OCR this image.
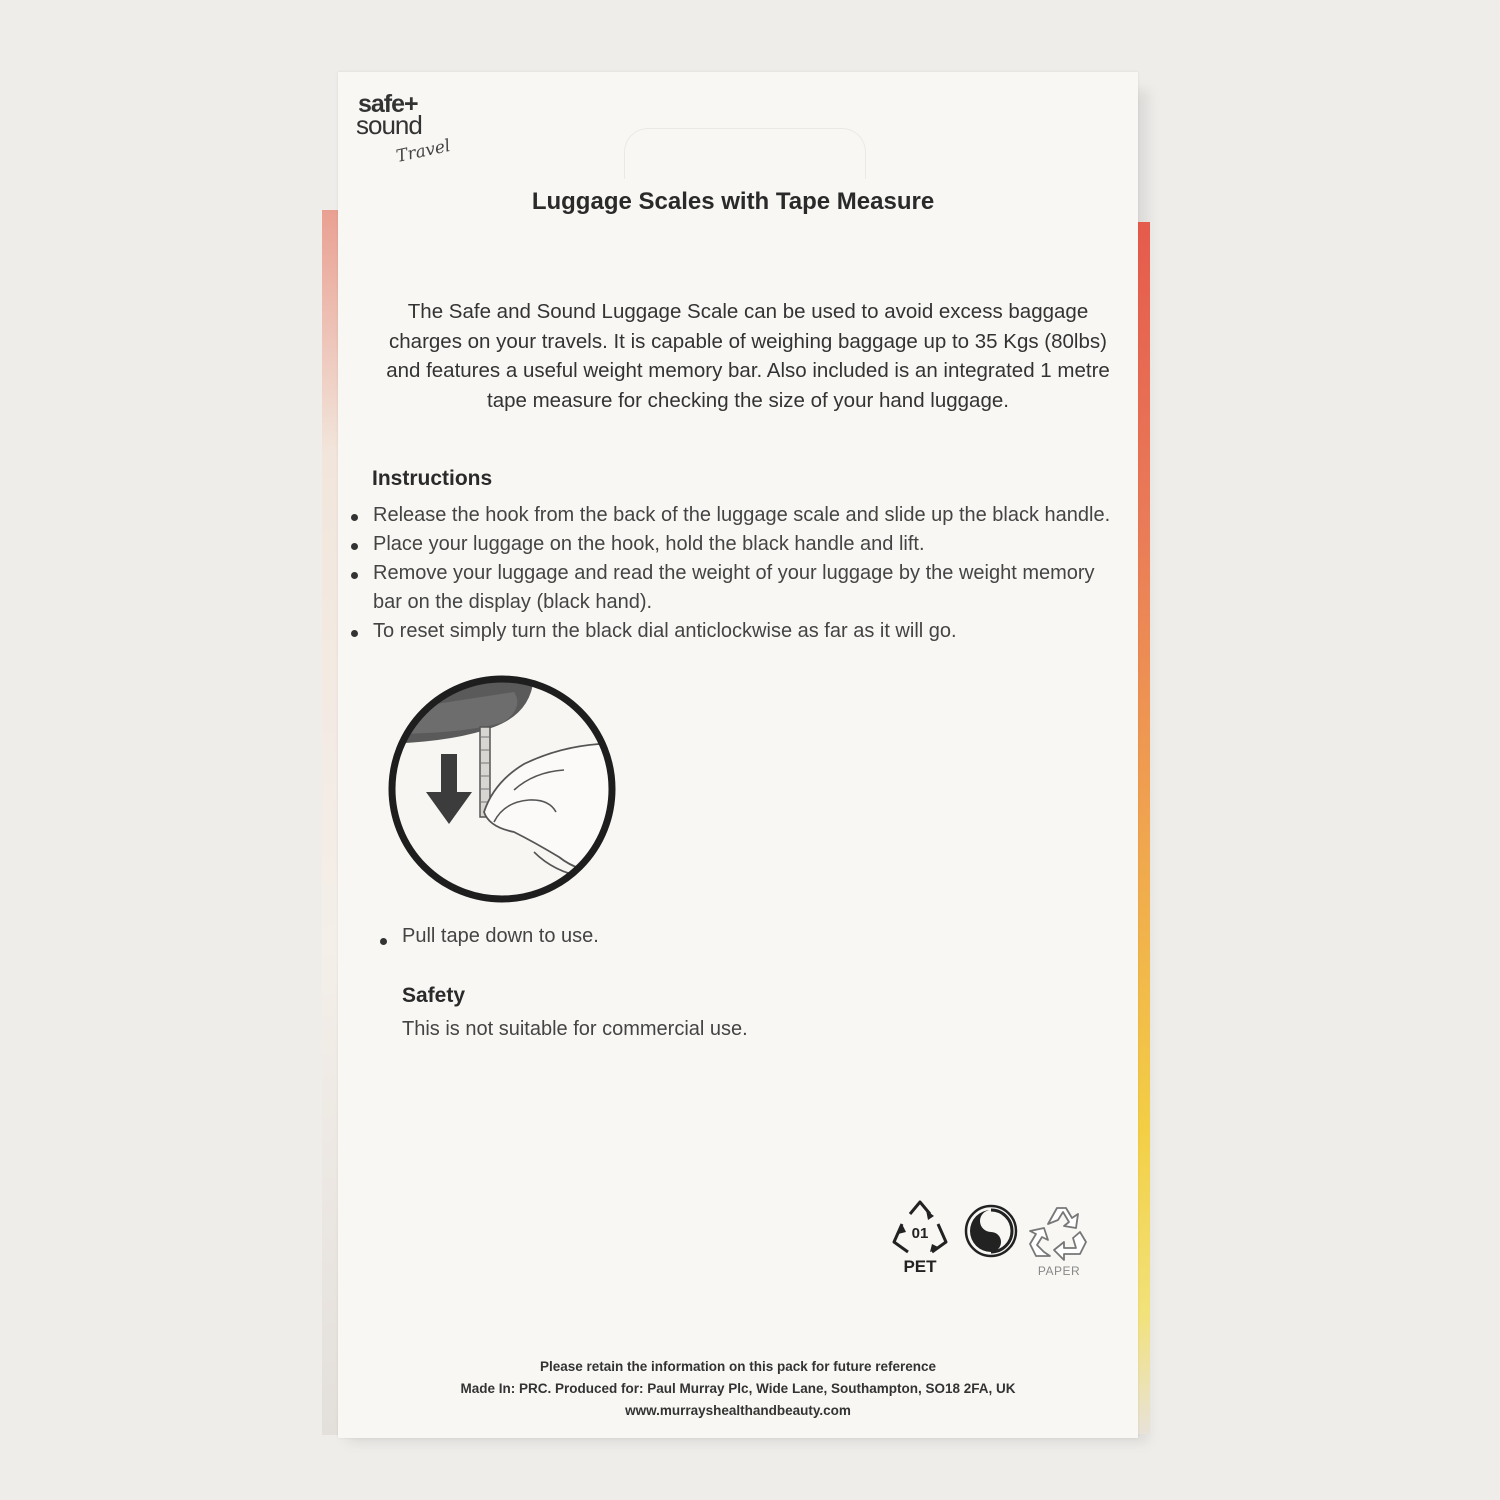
safe+
sound
Travel
Luggage Scales with Tape Measure
The Safe and Sound Luggage Scale can be used to avoid excess baggage charges on your travels. It is capable of weighing baggage up to 35 Kgs (80lbs) and features a useful weight memory bar. Also included is an integrated 1 metre tape measure for checking the size of your hand luggage.
Instructions
Release the hook from the back of the luggage scale and slide up the black handle.
Place your luggage on the hook, hold the black handle and lift.
Remove your luggage and read the weight of your luggage by the weight memory bar on the display (black hand).
To reset simply turn the black dial anticlockwise as far as it will go.
Pull tape down to use.
Safety
This is not suitable for commercial use.
01
PET	PAPER
Please retain the information on this pack for future reference
Made In: PRC. Produced for: Paul Murray Plc, Wide Lane, Southampton, SO18 2FA, UK
www.murrayshealthandbeauty.com
